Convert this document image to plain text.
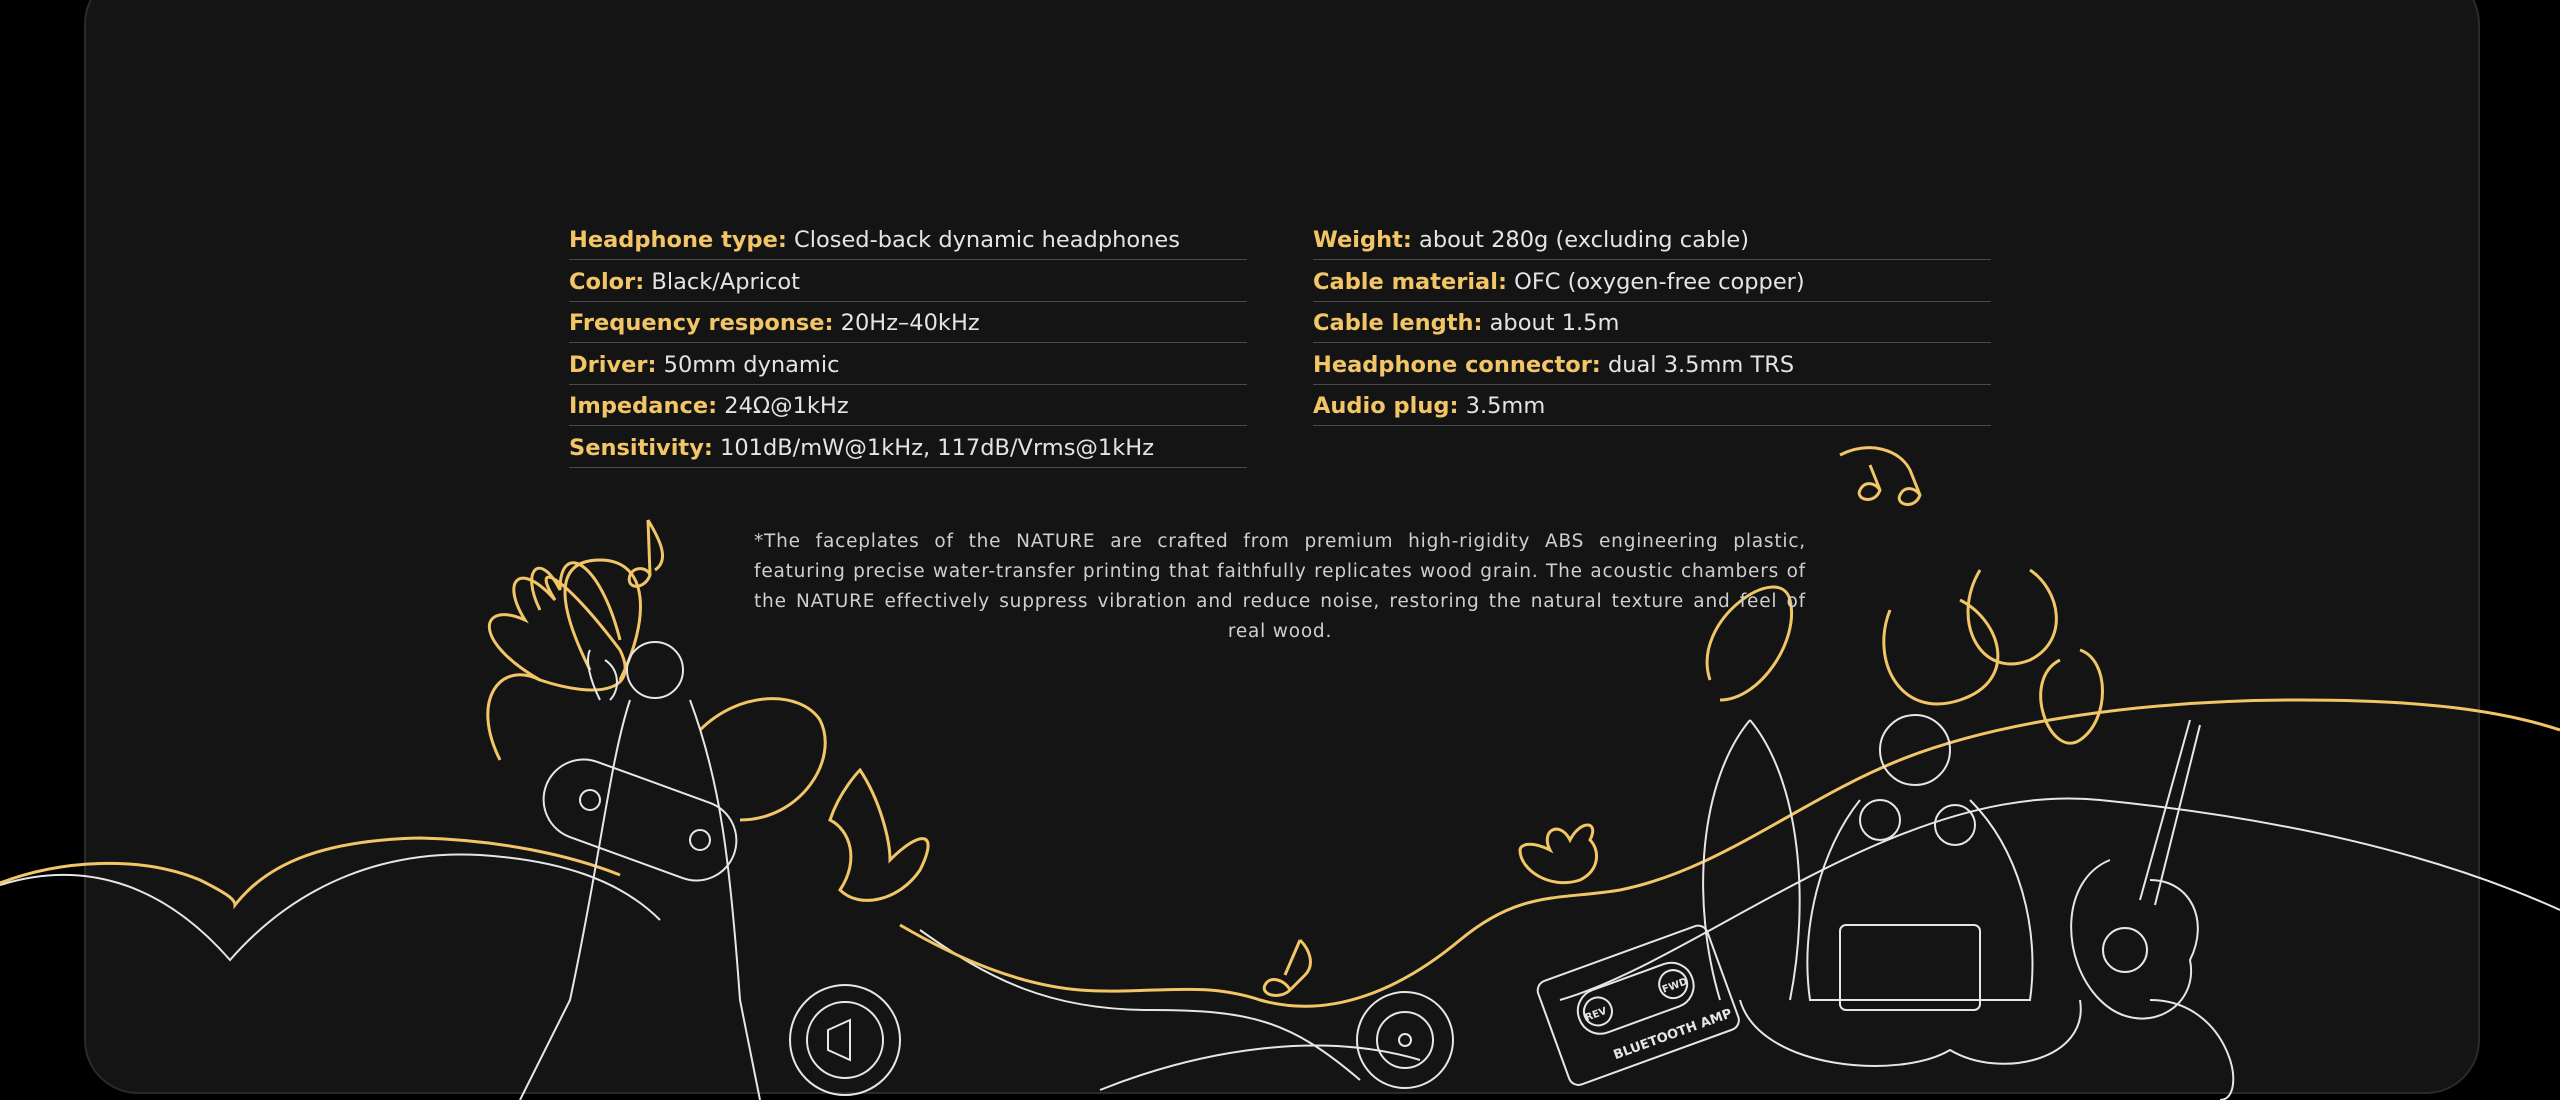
BLUETOOTH AMP
REV
FWD
Headphone type: Closed-back dynamic headphones
Color: Black/Apricot
Frequency response: 20Hz–40kHz
Driver: 50mm dynamic
Impedance: 24Ω@1kHz
Sensitivity: 101dB/mW@1kHz, 117dB/Vrms@1kHz
Weight: about 280g (excluding cable)
Cable material: OFC (oxygen-free copper)
Cable length: about 1.5m
Headphone connector: dual 3.5mm TRS
Audio plug: 3.5mm
*The faceplates of the NATURE are crafted from premium high-rigidity ABS engineering plastic, featuring precise water-transfer printing that faithfully replicates wood grain. The acoustic chambers of the NATURE effectively suppress vibration and reduce noise, restoring the natural texture and feel of real wood.
